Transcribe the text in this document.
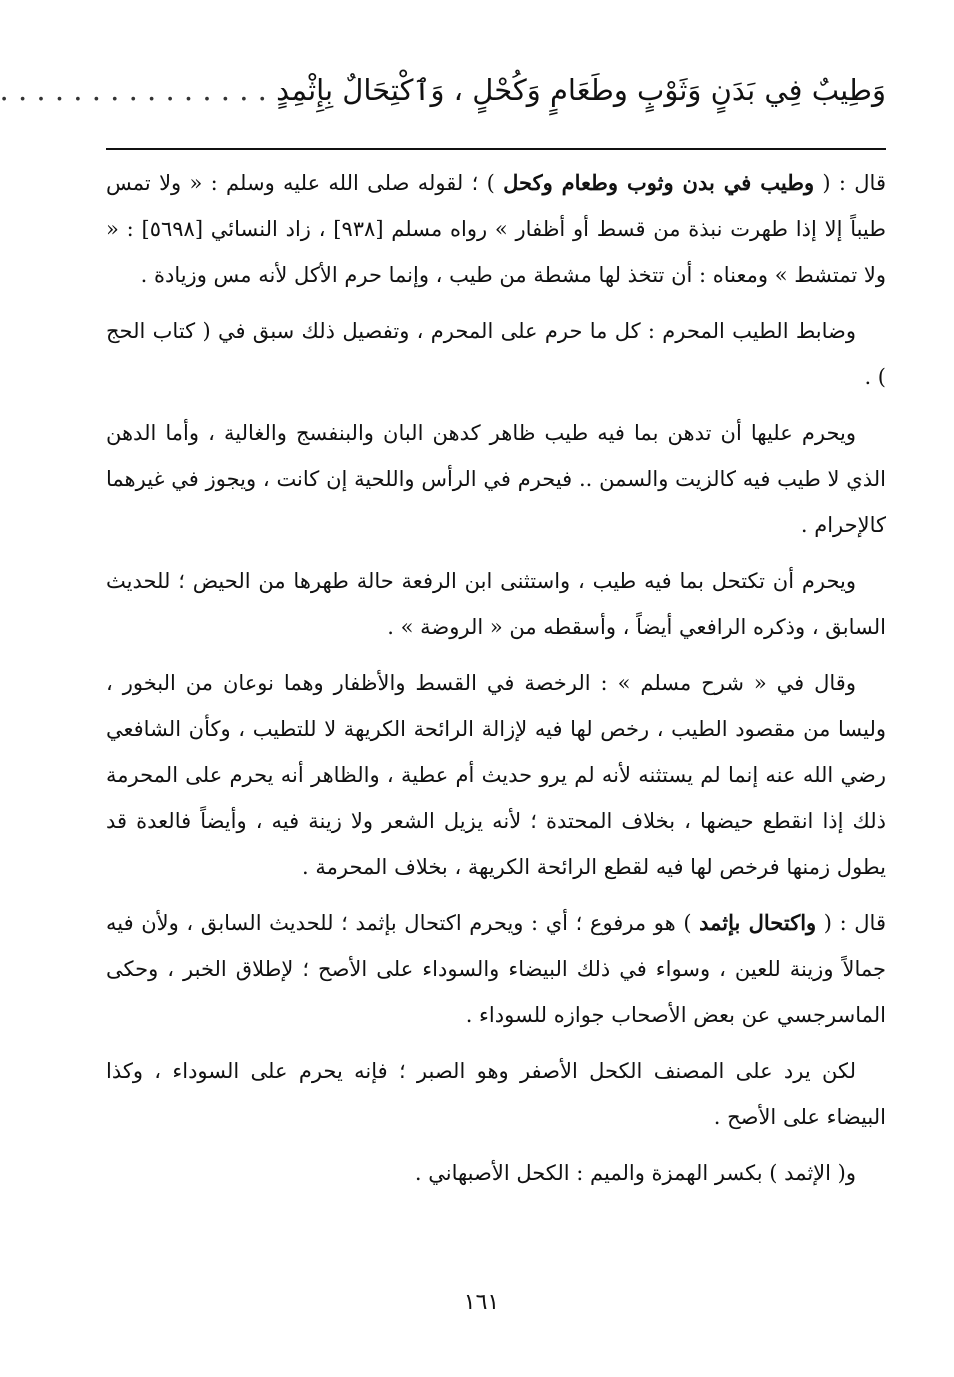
وَطِيبٌ فِي بَدَنٍ وَثَوْبٍ وطَعَامٍ وَكُحْلٍ ، وَٱكْتِحَالٌ بِإِثْمِدٍ . . . . . . . . . . . . . . .

قال : ( وطيب في بدن وثوب وطعام وكحل ) ؛ لقوله صلى الله عليه وسلم : « ولا تمس طيباً إلا إذا طهرت نبذة من قسط أو أظفار » رواه مسلم [٩٣٨] ، زاد النسائي [٥٦٩٨] : « ولا تمتشط » ومعناه : أن تتخذ لها مشطة من طيب ، وإنما حرم الأكل لأنه مس وزيادة .

وضابط الطيب المحرم : كل ما حرم على المحرم ، وتفصيل ذلك سبق في ( كتاب الحج ) .

ويحرم عليها أن تدهن بما فيه طيب ظاهر كدهن البان والبنفسج والغالية ، وأما الدهن الذي لا طيب فيه كالزيت والسمن .. فيحرم في الرأس واللحية إن كانت ، ويجوز في غيرهما كالإحرام .

ويحرم أن تكتحل بما فيه طيب ، واستثنى ابن الرفعة حالة طهرها من الحيض ؛ للحديث السابق ، وذكره الرافعي أيضاً ، وأسقطه من « الروضة » .

وقال في « شرح مسلم » : الرخصة في القسط والأظفار وهما نوعان من البخور ، وليسا من مقصود الطيب ، رخص لها فيه لإزالة الرائحة الكريهة لا للتطيب ، وكأن الشافعي رضي الله عنه إنما لم يستثنه لأنه لم يرو حديث أم عطية ، والظاهر أنه يحرم على المحرمة ذلك إذا انقطع حيضها ، بخلاف المحتدة ؛ لأنه يزيل الشعر ولا زينة فيه ، وأيضاً فالعدة قد يطول زمنها فرخص لها فيه لقطع الرائحة الكريهة ، بخلاف المحرمة .

قال : ( واكتحال بإثمد ) هو مرفوع ؛ أي : ويحرم اكتحال بإثمد ؛ للحديث السابق ، ولأن فيه جمالاً وزينة للعين ، وسواء في ذلك البيضاء والسوداء على الأصح ؛ لإطلاق الخبر ، وحكى الماسرجسي عن بعض الأصحاب جوازه للسوداء .

لكن يرد على المصنف الكحل الأصفر وهو الصبر ؛ فإنه يحرم على السوداء ، وكذا البيضاء على الأصح .

و( الإثمد ) بكسر الهمزة والميم : الكحل الأصبهاني .

١٦١
